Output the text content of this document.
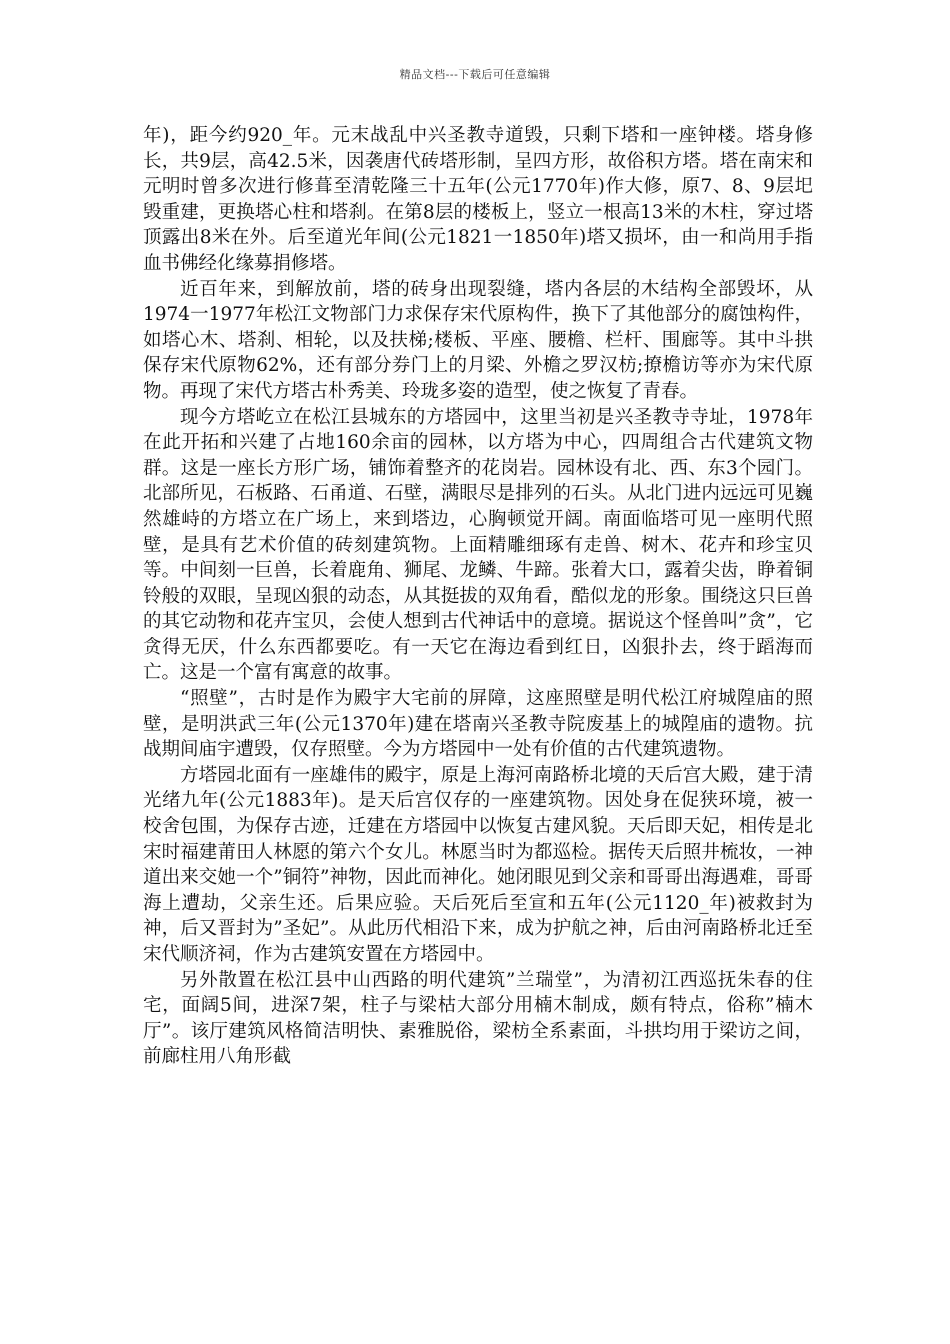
精品文档---下载后可任意编辑

年)，距今约920_年。元末战乱中兴圣教寺道毁，只剩下塔和一座钟楼。塔身修长，共9层，高42.5米，因袭唐代砖塔形制，呈四方形，故俗积方塔。塔在南宋和元明时曾多次进行修葺至清乾隆三十五年(公元1770年)作大修，原7、8、9层圯毁重建，更换塔心柱和塔刹。在第8层的楼板上，竖立一根高13米的木柱，穿过塔顶露出8米在外。后至道光年间(公元1821一1850年)塔又损坏，由一和尚用手指血书佛经化缘募捐修塔。

近百年来，到解放前，塔的砖身出现裂缝，塔内各层的木结构全部毁坏，从1974一1977年松江文物部门力求保存宋代原构件，换下了其他部分的腐蚀构件，如塔心木、塔刹、相轮，以及扶梯;楼板、平座、腰檐、栏杆、围廊等。其中斗拱保存宋代原物62%，还有部分券门上的月梁、外檐之罗汉枋;撩檐访等亦为宋代原物。再现了宋代方塔古朴秀美、玲珑多姿的造型，使之恢复了青春。

现今方塔屹立在松江县城东的方塔园中，这里当初是兴圣教寺寺址，1978年在此开拓和兴建了占地160余亩的园林，以方塔为中心，四周组合古代建筑文物群。这是一座长方形广场，铺饰着整齐的花岗岩。园林设有北、西、东3个园门。北部所见，石板路、石甬道、石壁，满眼尽是排列的石头。从北门进内远远可见巍然雄峙的方塔立在广场上，来到塔边，心胸顿觉开阔。南面临塔可见一座明代照壁，是具有艺术价值的砖刻建筑物。上面精雕细琢有走兽、树木、花卉和珍宝贝等。中间刻一巨兽，长着鹿角、狮尾、龙鳞、牛蹄。张着大口，露着尖齿，睁着铜铃般的双眼，呈现凶狠的动态，从其挺拔的双角看，酷似龙的形象。围绕这只巨兽的其它动物和花卉宝贝，会使人想到古代神话中的意境。据说这个怪兽叫”贪”，它贪得无厌，什么东西都要吃。有一天它在海边看到红日，凶狠扑去，终于蹈海而亡。这是一个富有寓意的故事。

“照壁”，古时是作为殿宇大宅前的屏障，这座照壁是明代松江府城隍庙的照壁，是明洪武三年(公元1370年)建在塔南兴圣教寺院废基上的城隍庙的遗物。抗战期间庙宇遭毁，仅存照壁。今为方塔园中一处有价值的古代建筑遗物。

方塔园北面有一座雄伟的殿宇，原是上海河南路桥北境的天后宫大殿，建于清光绪九年(公元1883年)。是天后宫仅存的一座建筑物。因处身在促狭环境，被一校舍包围，为保存古迹，迁建在方塔园中以恢复古建风貌。天后即天妃，相传是北宋时福建莆田人林愿的第六个女儿。林愿当时为都巡检。据传天后照井梳妆，一神道出来交她一个”铜符”神物，因此而神化。她闭眼见到父亲和哥哥出海遇难，哥哥海上遭劫，父亲生还。后果应验。天后死后至宣和五年(公元1120_年)被救封为神，后又晋封为”圣妃”。从此历代相沿下来，成为护航之神，后由河南路桥北迁至宋代顺济祠，作为古建筑安置在方塔园中。

另外散置在松江县中山西路的明代建筑”兰瑞堂”，为清初江西巡抚朱春的住宅，面阔5间，进深7架，柱子与梁枯大部分用楠木制成，颇有特点，俗称”楠木厅”。该厅建筑风格简洁明快、素雅脱俗，梁枋全系素面，斗拱均用于梁访之间，前廊柱用八角形截
